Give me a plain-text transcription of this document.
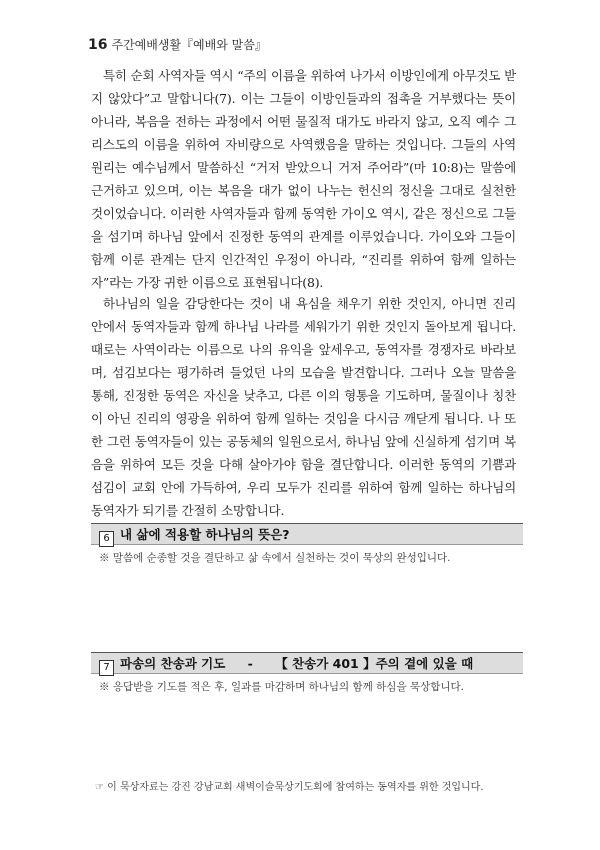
16 주간예배생활『예배와 말씀』

특히 순회 사역자들 역시 “주의 이름을 위하여 나가서 이방인에게 아무것도 받지 않았다”고 말합니다(7). 이는 그들이 이방인들과의 접촉을 거부했다는 뜻이 아니라, 복음을 전하는 과정에서 어떤 물질적 대가도 바라지 않고, 오직 예수 그리스도의 이름을 위하여 자비량으로 사역했음을 말하는 것입니다. 그들의 사역 원리는 예수님께서 말씀하신 “거저 받았으니 거저 주어라”(마 10:8)는 말씀에 근거하고 있으며, 이는 복음을 대가 없이 나누는 헌신의 정신을 그대로 실천한 것이었습니다. 이러한 사역자들과 함께 동역한 가이오 역시, 같은 정신으로 그들을 섬기며 하나님 앞에서 진정한 동역의 관계를 이루었습니다. 가이오와 그들이 함께 이룬 관계는 단지 인간적인 우정이 아니라, “진리를 위하여 함께 일하는 자”라는 가장 귀한 이름으로 표현됩니다(8).

하나님의 일을 감당한다는 것이 내 욕심을 채우기 위한 것인지, 아니면 진리 안에서 동역자들과 함께 하나님 나라를 세워가기 위한 것인지 돌아보게 됩니다. 때로는 사역이라는 이름으로 나의 유익을 앞세우고, 동역자를 경쟁자로 바라보며, 섬김보다는 평가하려 들었던 나의 모습을 발견합니다. 그러나 오늘 말씀을 통해, 진정한 동역은 자신을 낮추고, 다른 이의 형통을 기도하며, 물질이나 칭찬이 아닌 진리의 영광을 위하여 함께 일하는 것임을 다시금 깨닫게 됩니다. 나 또한 그런 동역자들이 있는 공동체의 일원으로서, 하나님 앞에 신실하게 섬기며 복음을 위하여 모든 것을 다해 살아가야 함을 결단합니다. 이러한 동역의 기쁨과 섬김이 교회 안에 가득하여, 우리 모두가 진리를 위하여 함께 일하는 하나님의 동역자가 되기를 간절히 소망합니다.

6 내 삶에 적용할 하나님의 뜻은?
※ 말씀에 순종할 것을 결단하고 삶 속에서 실천하는 것이 묵상의 완성입니다.
7 파송의 찬송과 기도 - 【 찬송가 401 】주의 곁에 있을 때
※ 응답받을 기도를 적은 후, 일과를 마감하며 하나님의 함께 하심을 묵상합니다.
☞ 이 묵상자료는 강진 강남교회 새벽이슬묵상기도회에 참여하는 동역자를 위한 것입니다.
